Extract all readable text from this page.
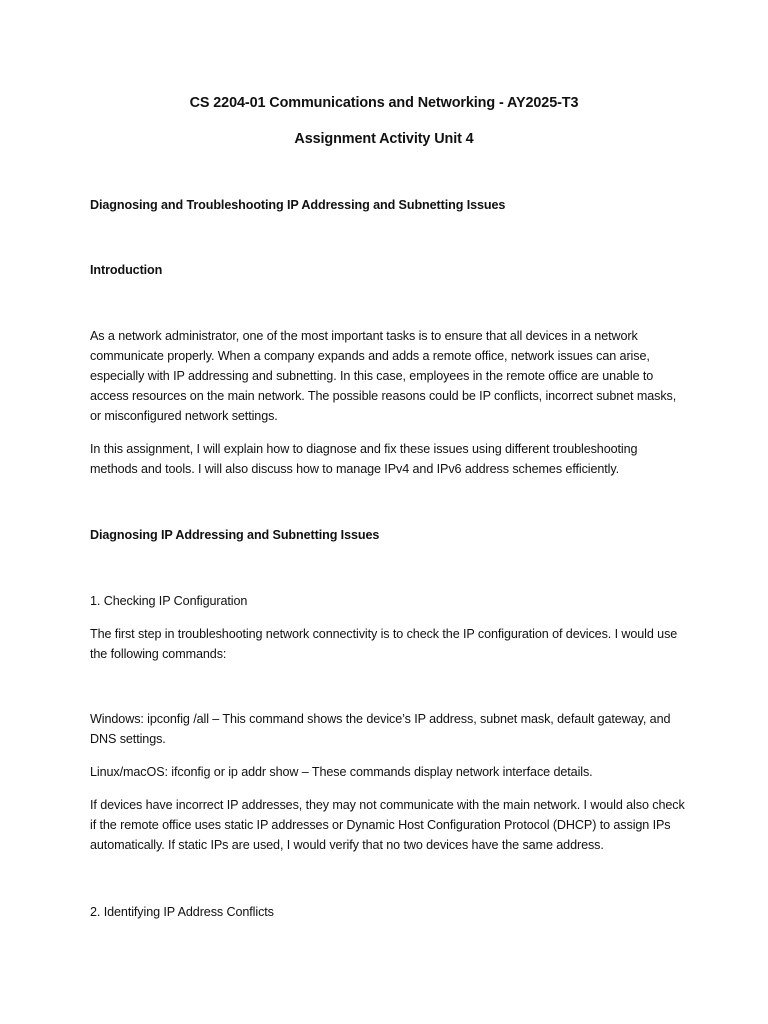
CS 2204-01 Communications and Networking - AY2025-T3

Assignment Activity Unit 4

Diagnosing and Troubleshooting IP Addressing and Subnetting Issues

Introduction

As a network administrator, one of the most important tasks is to ensure that all devices in a network communicate properly. When a company expands and adds a remote office, network issues can arise, especially with IP addressing and subnetting. In this case, employees in the remote office are unable to access resources on the main network. The possible reasons could be IP conflicts, incorrect subnet masks, or misconfigured network settings.

In this assignment, I will explain how to diagnose and fix these issues using different troubleshooting methods and tools. I will also discuss how to manage IPv4 and IPv6 address schemes efficiently.

Diagnosing IP Addressing and Subnetting Issues

1. Checking IP Configuration

The first step in troubleshooting network connectivity is to check the IP configuration of devices. I would use the following commands:

Windows: ipconfig /all – This command shows the device’s IP address, subnet mask, default gateway, and DNS settings.

Linux/macOS: ifconfig or ip addr show – These commands display network interface details.

If devices have incorrect IP addresses, they may not communicate with the main network. I would also check if the remote office uses static IP addresses or Dynamic Host Configuration Protocol (DHCP) to assign IPs automatically. If static IPs are used, I would verify that no two devices have the same address.

2. Identifying IP Address Conflicts
